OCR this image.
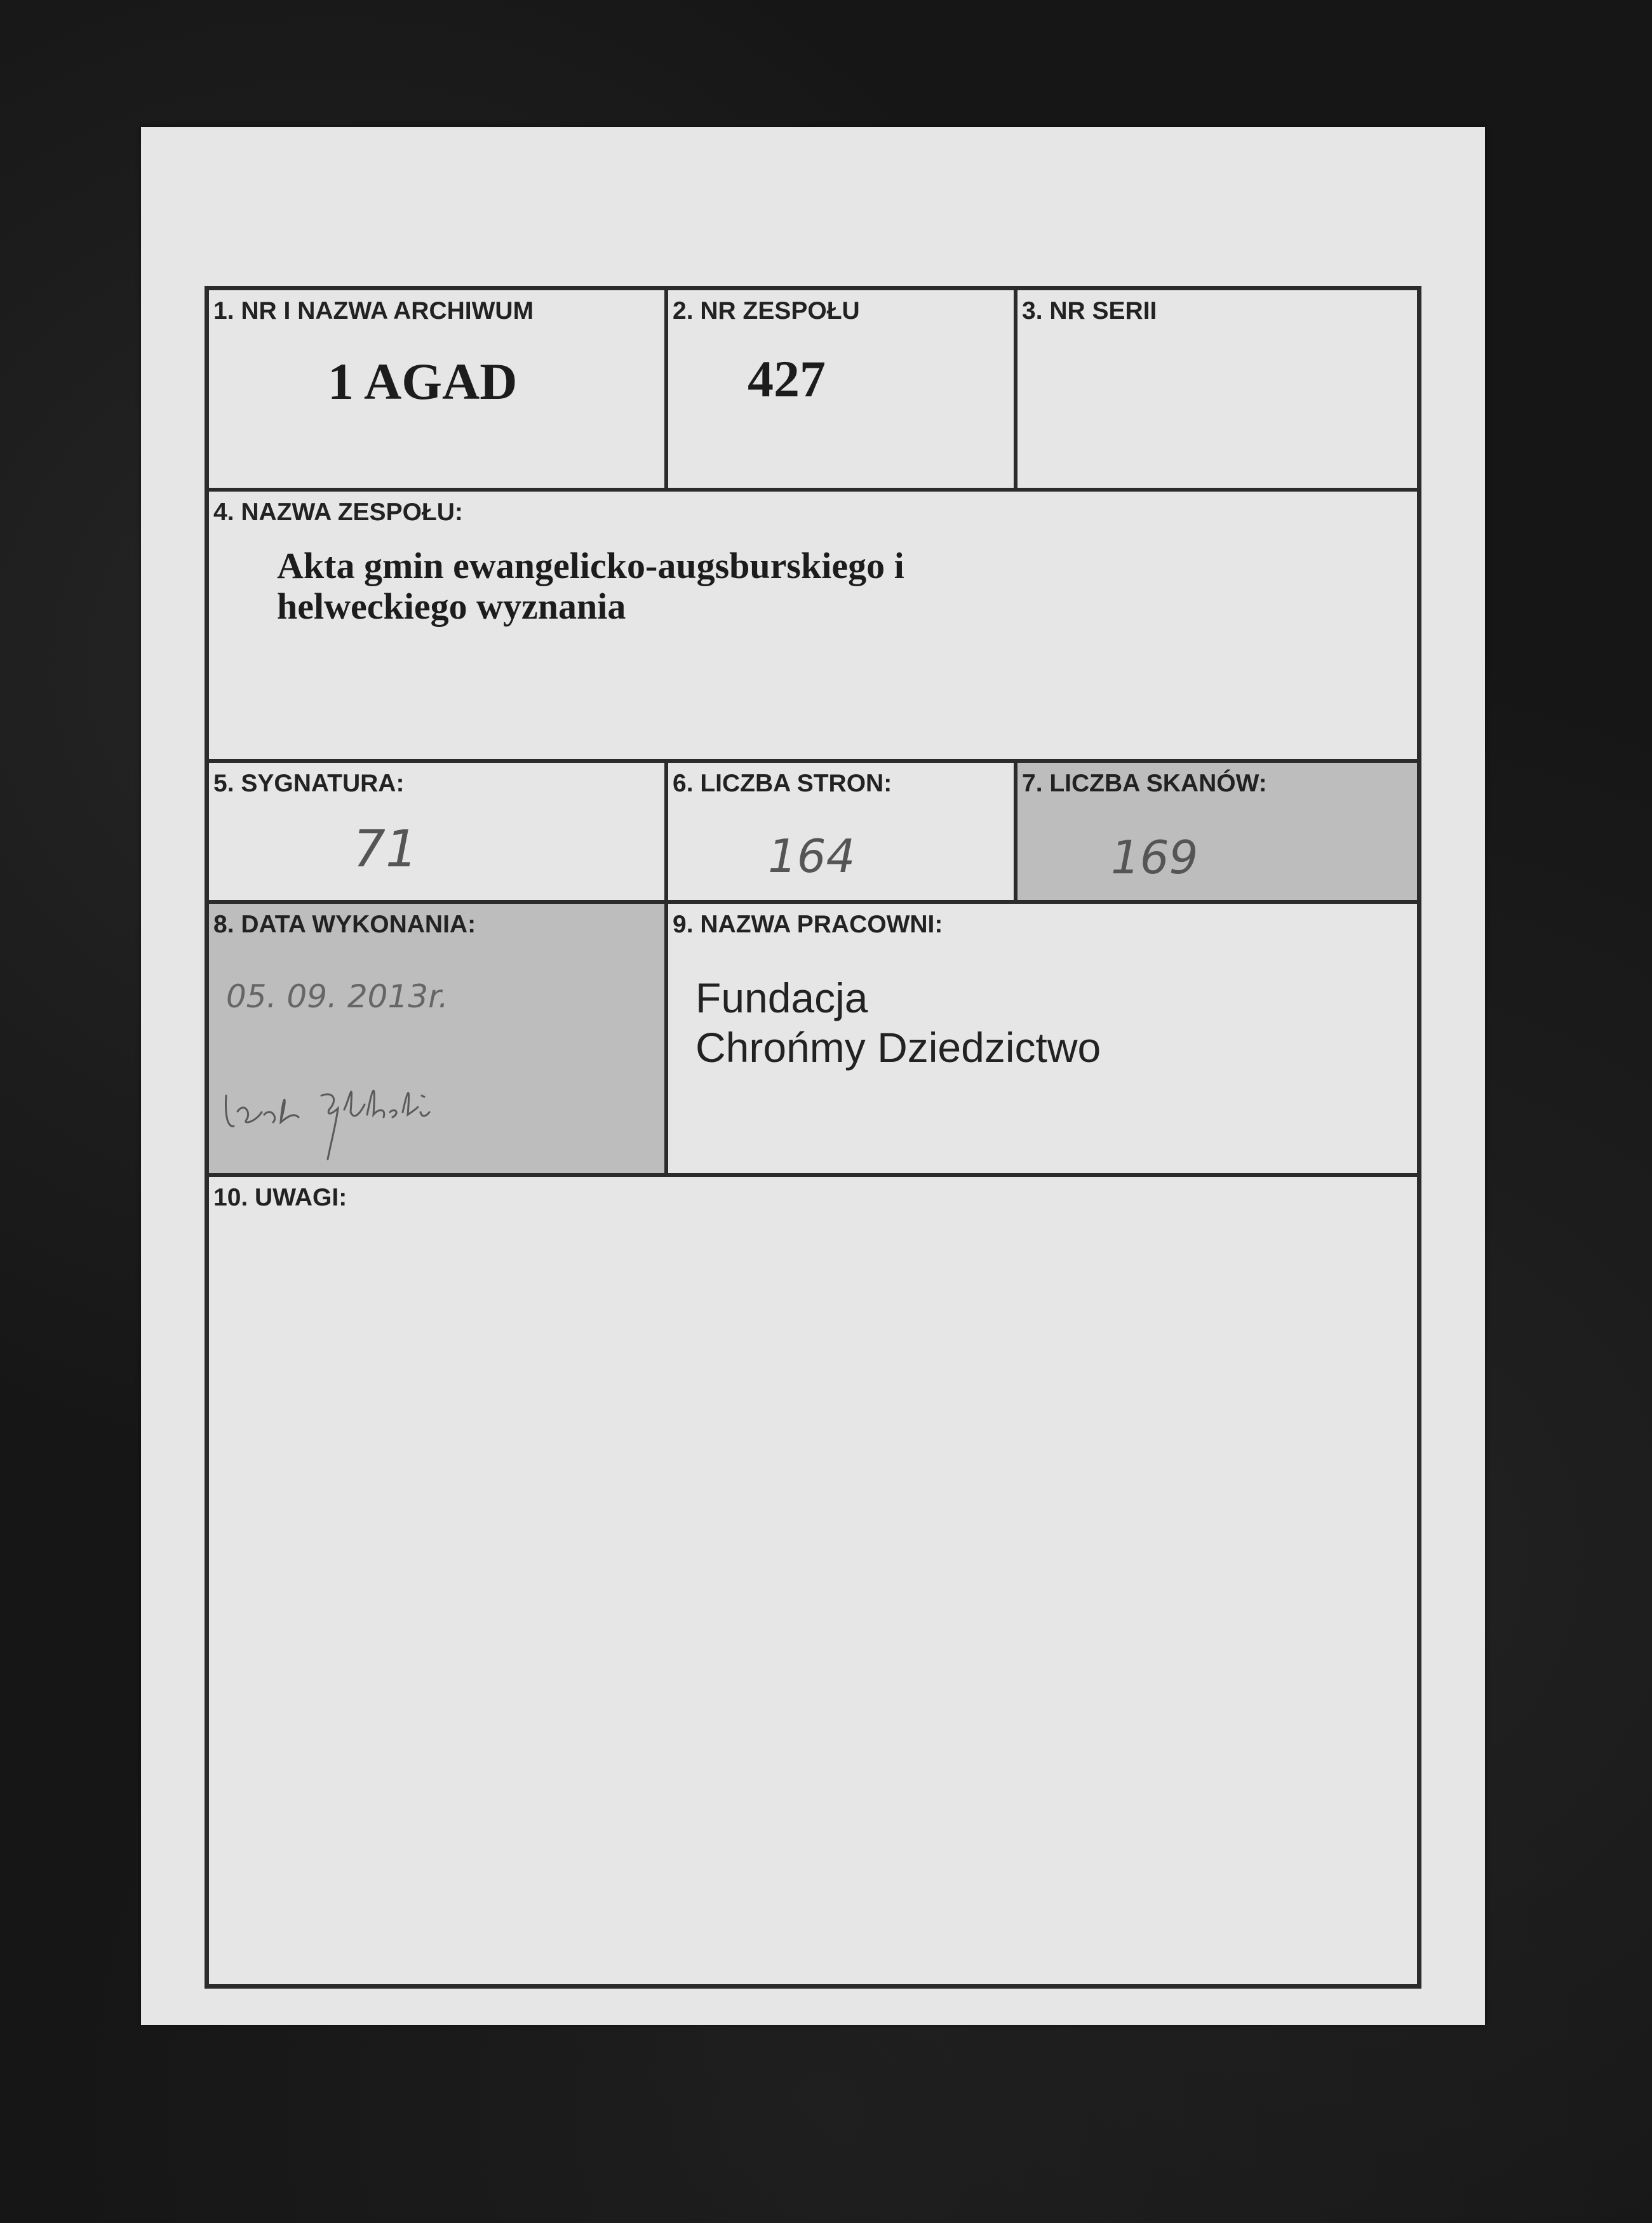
1. NR I NAZWA ARCHIWUM
1 AGAD
2. NR ZESPOŁU
427
3. NR SERII
4. NAZWA ZESPOŁU:
Akta gmin ewangelicko-augsburskiego i
helweckiego wyznania
5. SYGNATURA:
71
6. LICZBA STRON:
164
7. LICZBA SKANÓW:
169
8. DATA WYKONANIA:
05. 09. 2013r.
9. NAZWA PRACOWNI:
Fundacja
Chrońmy Dziedzictwo
10. UWAGI:
